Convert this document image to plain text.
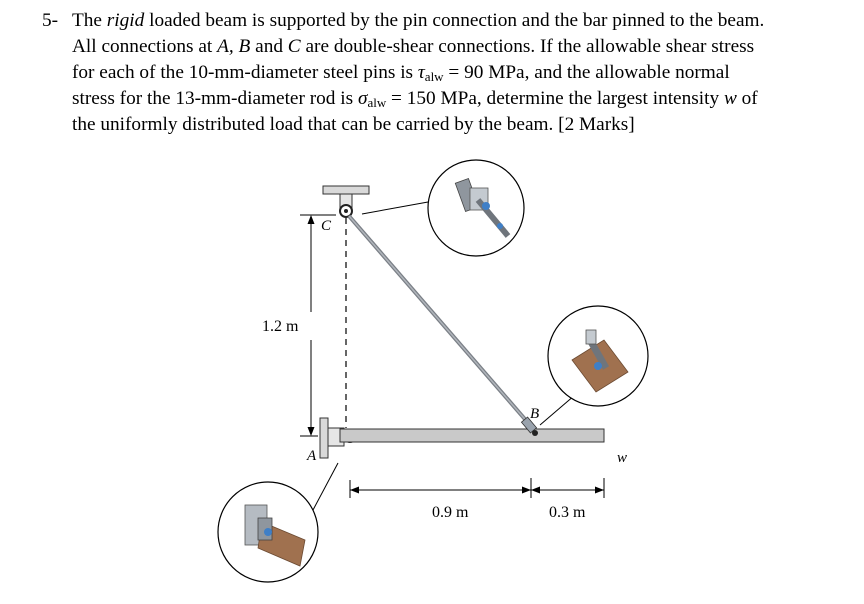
5- The rigid loaded beam is supported by the pin connection and the bar pinned to the beam.
All connections at A, B and C are double-shear connections. If the allowable shear stress
for each of the 10-mm-diameter steel pins is $\tau_{alw} = 90$ MPa, and the allowable normal
stress for the 13-mm-diameter rod is $\sigma_{alw} = 150$ MPa, determine the largest intensity w of
the uniformly distributed load that can be carried by the beam. [2 Marks]
C
B
A	w
1.2 m
0.9 m	0.3 m
